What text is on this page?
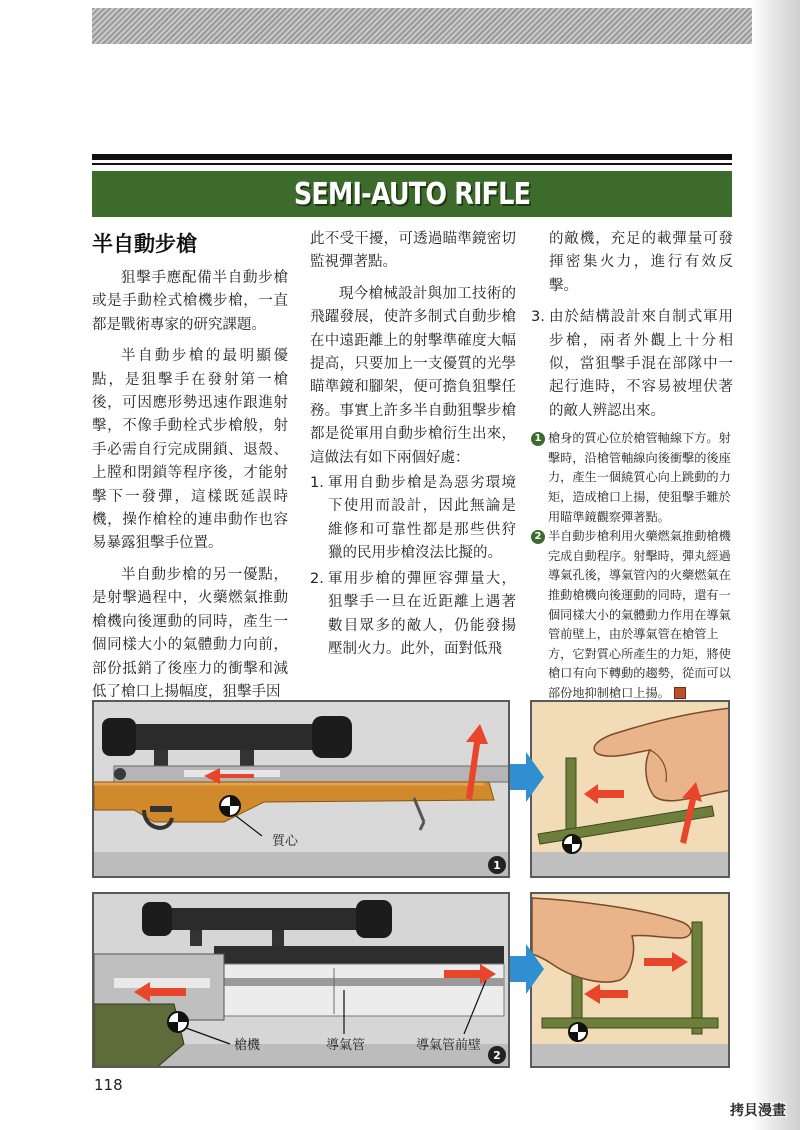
SEMI-AUTO RIFLE
半自動步槍

狙擊手應配備半自動步槍或是手動栓式槍機步槍，一直都是戰術專家的研究課題。

半自動步槍的最明顯優點，是狙擊手在發射第一槍後，可因應形勢迅速作跟進射擊，不像手動栓式步槍般，射手必需自行完成開鎖、退殼、上膛和閉鎖等程序後，才能射擊下一發彈，這樣既延誤時機，操作槍栓的連串動作也容易暴露狙擊手位置。

半自動步槍的另一優點，是射擊過程中，火藥燃氣推動槍機向後運動的同時，產生一個同樣大小的氣體動力向前，部份抵銷了後座力的衝擊和減低了槍口上揚幅度，狙擊手因

此不受干擾，可透過瞄準鏡密切監視彈著點。

現今槍械設計與加工技術的飛躍發展，使許多制式自動步槍在中遠距離上的射擊準確度大幅提高，只要加上一支優質的光學瞄準鏡和腳架，便可擔負狙擊任務。事實上許多半自動狙擊步槍都是從軍用自動步槍衍生出來，這做法有如下兩個好處：

1. 軍用自動步槍是為惡劣環境下使用而設計，因此無論是維修和可靠性都是那些供狩獵的民用步槍沒法比擬的。
2. 軍用步槍的彈匣容彈量大，狙擊手一旦在近距離上遇著數目眾多的敵人，仍能發揚壓制火力。此外，面對低飛

的敵機，充足的載彈量可發揮密集火力，進行有效反擊。

3. 由於結構設計來自制式軍用步槍，兩者外觀上十分相似，當狙擊手混在部隊中一起行進時，不容易被埋伏著的敵人辨認出來。
1 槍身的質心位於槍管軸線下方。射擊時，沿槍管軸線向後衝擊的後座力，產生一個繞質心向上跳動的力矩，造成槍口上揚，使狙擊手難於用瞄準鏡觀察彈著點。
2 半自動步槍利用火藥燃氣推動槍機完成自動程序。射擊時，彈丸經過導氣孔後，導氣管內的火藥燃氣在推動槍機向後運動的同時，還有一個同樣大小的氣體動力作用在導氣管前壁上，由於導氣管在槍管上方，它對質心所產生的力矩，將使槍口有向下轉動的趨勢，從而可以部份地抑制槍口上揚。
質心
1
槍機	導氣管	導氣管前壁
2
118
拷貝漫畫
